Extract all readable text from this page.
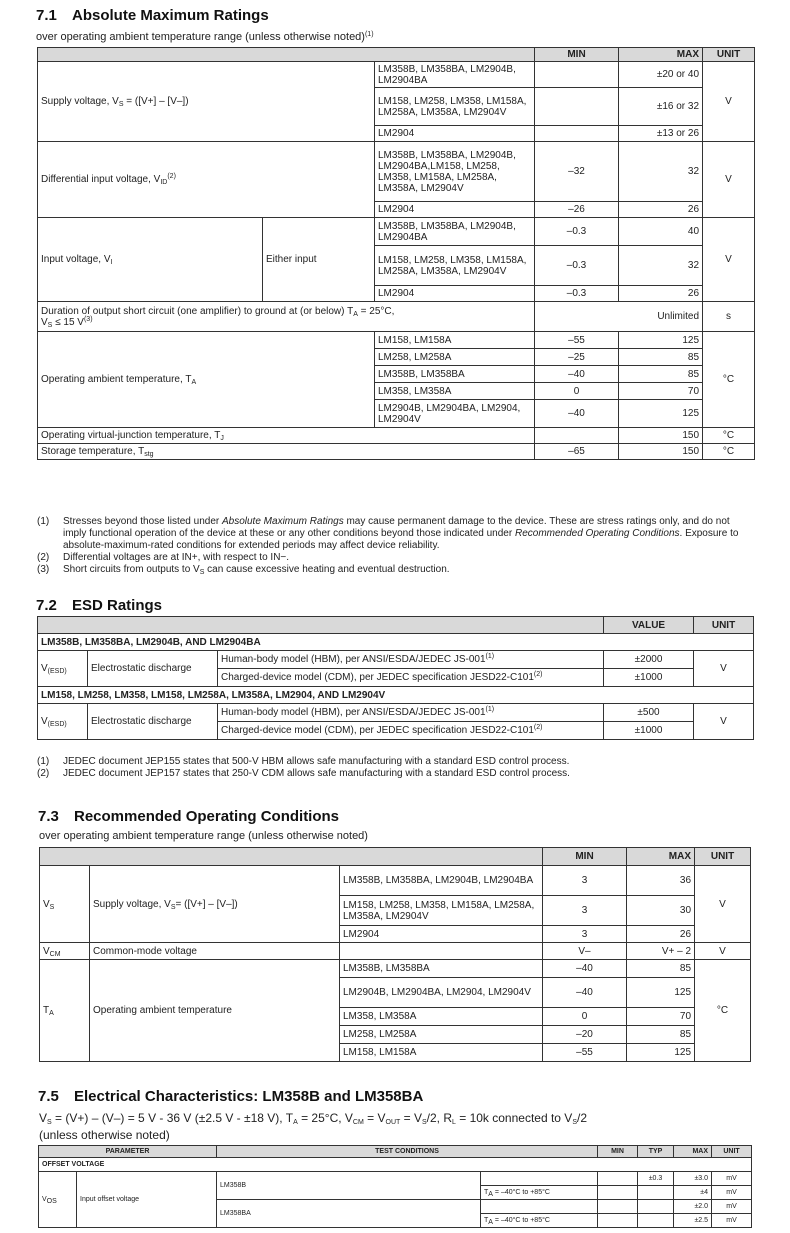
7.1 Absolute Maximum Ratings
over operating ambient temperature range (unless otherwise noted)$^{(1)}$
			MIN	MAX	UNIT
Supply voltage, $V_S = ([V+] - [V-])$		LM358B, LM358BA, LM2904B, LM2904BA		±20 or 40	V
		LM158, LM258, LM358, LM158A, LM258A, LM358A, LM2904V		±16 or 32	
		LM2904		±13 or 26	
Differential input voltage, $V_{ID}^{(2)}$		LM358B, LM358BA, LM2904B, LM2904BA,LM158, LM258, LM358, LM158A, LM258A, LM358A, LM2904V	–32	32	V
		LM2904	–26	26	
Input voltage, $V_I$	Either input	LM358B, LM358BA, LM2904B, LM2904BA	–0.3	40	V
		LM158, LM258, LM358, LM158A, LM258A, LM358A, LM2904V	–0.3	32	
		LM2904	–0.3	26	
Duration of output short circuit (one amplifier) to ground at (or below) $T_A = 25^\circ C$,
$V_S \le 15$ $V^{(3)}$			Unlimited		s
Operating ambient temperature, $T_A$		LM158, LM158A	–55	125	°C
		LM258, LM258A	–25	85	
		LM358B, LM358BA	–40	85	
		LM358, LM358A	0	70	
		LM2904B, LM2904BA, LM2904, LM2904V	–40	125	
Operating virtual-junction temperature, $T_J$				150	°C
Storage temperature, $T_{stg}$			–65	150	°C
(1)	Stresses beyond those listed under Absolute Maximum Ratings may cause permanent damage to the device. These are stress ratings only, and do not imply functional operation of the device at these or any other conditions beyond those indicated under Recommended Operating Conditions. Exposure to absolute-maximum-rated conditions for extended periods may affect device reliability.
(2)	Differential voltages are at IN+, with respect to IN−.
(3)	Short circuits from outputs to $V_S$ can cause excessive heating and eventual destruction.
7.2 ESD Ratings
			VALUE	UNIT
LM358B, LM358BA, LM2904B, AND LM2904BA				
$V_{(ESD)}$	Electrostatic discharge	Human-body model (HBM), per ANSI/ESDA/JEDEC $JS-001^{(1)}$	±2000	V
		Charged-device model (CDM), per JEDEC specification $JESD22-C101^{(2)}$	±1000	
LM158, LM258, LM358, LM158, LM258A, LM358A, LM2904, AND LM2904V				
$V_{(ESD)}$	Electrostatic discharge	Human-body model (HBM), per ANSI/ESDA/JEDEC $JS-001^{(1)}$	±500	V
		Charged-device model (CDM), per JEDEC specification $JESD22-C101^{(2)}$	±1000	
(1)	JEDEC document JEP155 states that 500-V HBM allows safe manufacturing with a standard ESD control process.
(2)	JEDEC document JEP157 states that 250-V CDM allows safe manufacturing with a standard ESD control process.
7.3 Recommended Operating Conditions
over operating ambient temperature range (unless otherwise noted)
			MIN	MAX	UNIT
$V_S$	Supply voltage, $V_S= ([V+] - [V-])$	LM358B, LM358BA, LM2904B, LM2904BA	3	36	V
		LM158, LM258, LM358, LM158A, LM258A, LM358A, LM2904V	3	30	
		LM2904	3	26	
$V_{CM}$	Common-mode voltage		V–	V+ – 2	V
$T_A$	Operating ambient temperature	LM358B, LM358BA	–40	85	°C
		LM2904B, LM2904BA, LM2904, LM2904V	–40	125	
		LM358, LM358A	0	70	
		LM258, LM258A	–20	85	
		LM158, LM158A	–55	125	
7.5 Electrical Characteristics: LM358B and LM358BA
$V_S = (V+) - (V-) = 5$ V - 36 V (±2.5 V - ±18 V), $T_A = 25^\circ C$, $V_{CM} = V_{OUT} = V_S/2$, $R_L = 10k$ connected to $V_S/2$
(unless otherwise noted)
PARAMETER		TEST CONDITIONS		MIN	TYP	MAX	UNIT
OFFSET VOLTAGE							
$V_{OS}$	Input offset voltage	LM358B			±0.3	±3.0	mV
			$T_A = -40^\circ C$ to +85°C			±4	mV
		LM358BA				±2.0	mV
			$T_A = -40^\circ C$ to +85°C			±2.5	mV
